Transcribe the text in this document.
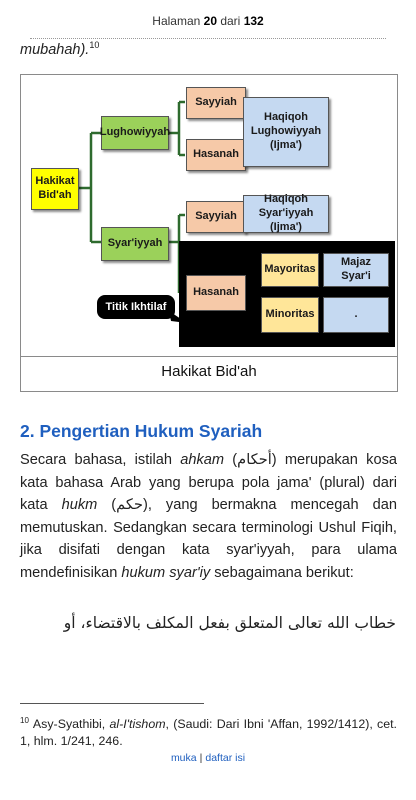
Halaman 20 dari 132
mubahah).$^{10}$
Hakikat Bid'ah
Lughowiyyah
Syar'iyyah
Sayyiah
Hasanah
Haqiqoh Lughowiyyah (Ijma')
Sayyiah
Haqiqoh Syar'iyyah (Ijma')
Hasanah
Mayoritas
Minoritas
Majaz Syar'i
.
Titik Ikhtilaf
Hakikat Bid'ah
2. Pengertian Hukum Syariah
Secara bahasa, istilah ahkam (أحكام) merupakan kosa kata bahasa Arab yang berupa pola jama' (plural) dari kata hukm (حكم), yang bermakna mencegah dan memutuskan. Sedangkan secara terminologi Ushul Fiqih, jika disifati dengan kata syar'iyyah, para ulama mendefinisikan hukum syar'iy sebagaimana berikut:
خطاب الله تعالى المتعلق بفعل المكلف بالاقتضاء، أو
$^{10}$ Asy-Syathibi, al-I'tishom, (Saudi: Dari Ibni 'Affan, 1992/1412), cet. 1, hlm. 1/241, 246.
muka | daftar isi
